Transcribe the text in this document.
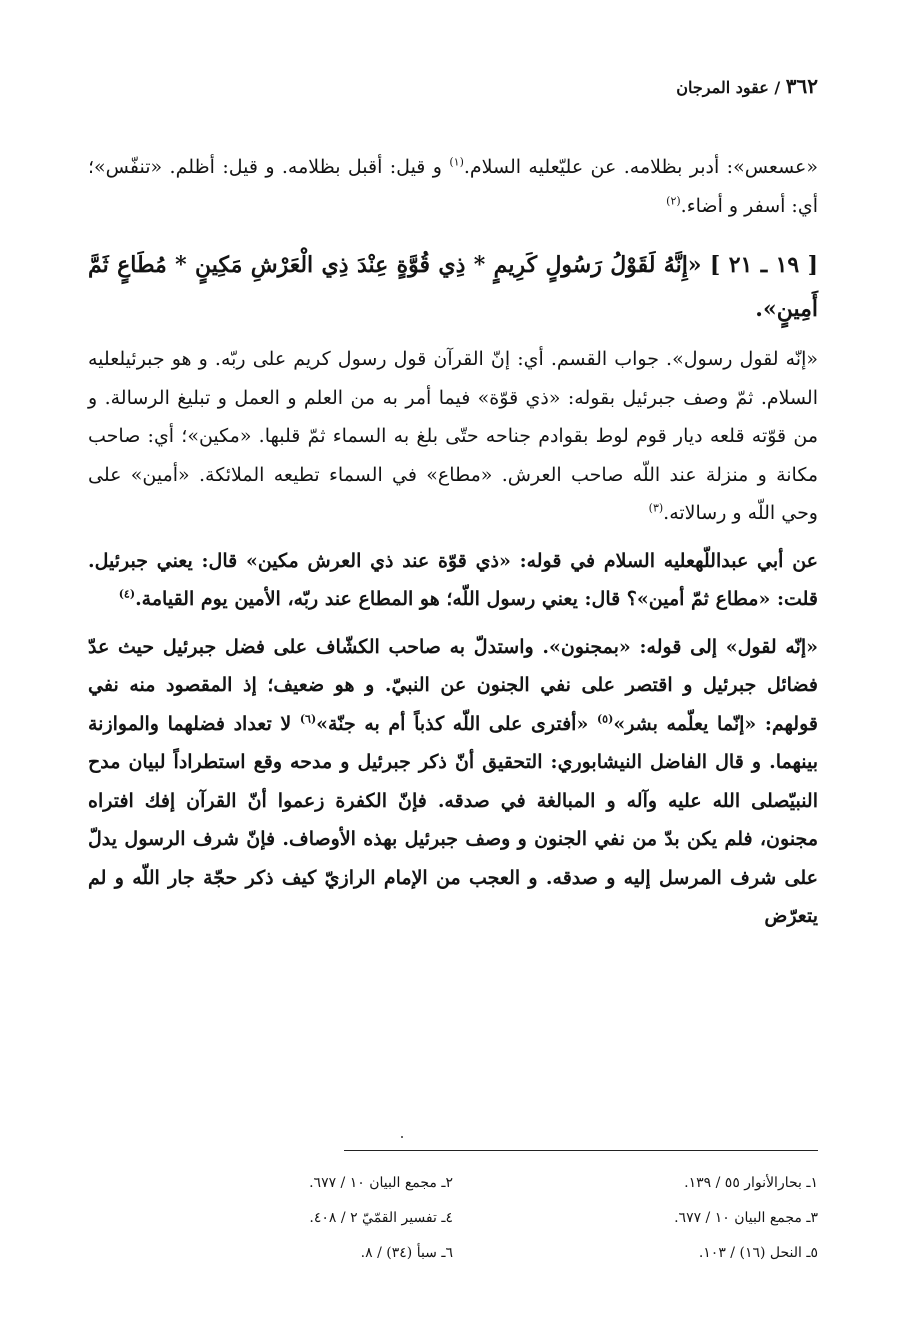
٣٦٢ / عقود المرجان

«عسعس»: أدبر بظلامه. عن عليّ‏عليه السلام.$^{(١)}$ و قيل: أقبل بظلامه. و قيل: أظلم. «تنفّس»؛ أي: أسفر و أضاء.$^{(٢)}$

[ ١٩ ـ ٢١ ] «إِنَّهُ لَقَوْلُ رَسُولٍ كَرِيمٍ * ذِي قُوَّةٍ عِنْدَ ذِي الْعَرْشِ مَكِينٍ * مُطَاعٍ ثَمَّ أَمِينٍ».

«إنّه لقول رسول». جواب القسم. أي: إنّ القرآن قول رسول كريم على ربّه. و هو جبرئيل‏عليه السلام. ثمّ وصف جبرئيل بقوله: «ذي قوّة» فيما أمر به من العلم و العمل و تبليغ الرسالة. و من قوّته قلعه ديار قوم لوط بقوادم جناحه حتّى بلغ به السماء ثمّ قلبها. «مكين»؛ أي: صاحب مكانة و منزلة عند اللّه صاحب العرش. «مطاع» في السماء تطيعه الملائكة. «أمين» على وحي اللّه و رسالاته.$^{(٣)}$

عن أبي عبداللّه‏عليه السلام في قوله: «ذي قوّة عند ذي العرش مكين» قال: يعني جبرئيل. قلت: «مطاع ثمّ أمين»؟ قال: يعني رسول اللّه؛ هو المطاع عند ربّه، الأمين يوم القيامة.$^{(٤)}$

«إنّه لقول» إلى قوله: «بمجنون». واستدلّ به صاحب الكشّاف على فضل جبرئيل حيث عدّ فضائل جبرئيل و اقتصر على نفي الجنون عن النبيّ. و هو ضعيف؛ إذ المقصود منه نفي قولهم: «إنّما يعلّمه بشر»$^{(٥)}$ «أفترى على اللّه كذباً أم به جنّة»$^{(٦)}$ لا تعداد فضلهما والموازنة بينهما. و قال الفاضل النيشابوري: التحقيق أنّ ذكر جبرئيل و مدحه وقع استطراداً لبيان مدح النبيّ‏صلى الله عليه وآله و المبالغة في صدقه. فإنّ الكفرة زعموا أنّ القرآن إفك افتراه مجنون، فلم يكن بدّ من نفي الجنون و وصف جبرئيل بهذه الأوصاف. فإنّ شرف الرسول يدلّ على شرف المرسل إليه و صدقه. و العجب من الإمام الرازيّ كيف ذكر حجّة جار اللّه و لم يتعرّض

١ـ بحارالأنوار ٥٥ / ١٣٩.
٢ـ مجمع البيان ١٠ / ٦٧٧.
٣ـ مجمع البيان ١٠ / ٦٧٧.
٤ـ تفسير القمّيّ ٢ / ٤٠٨.
٥ـ النحل (١٦) / ١٠٣.
٦ـ سبأ (٣٤) / ٨.
